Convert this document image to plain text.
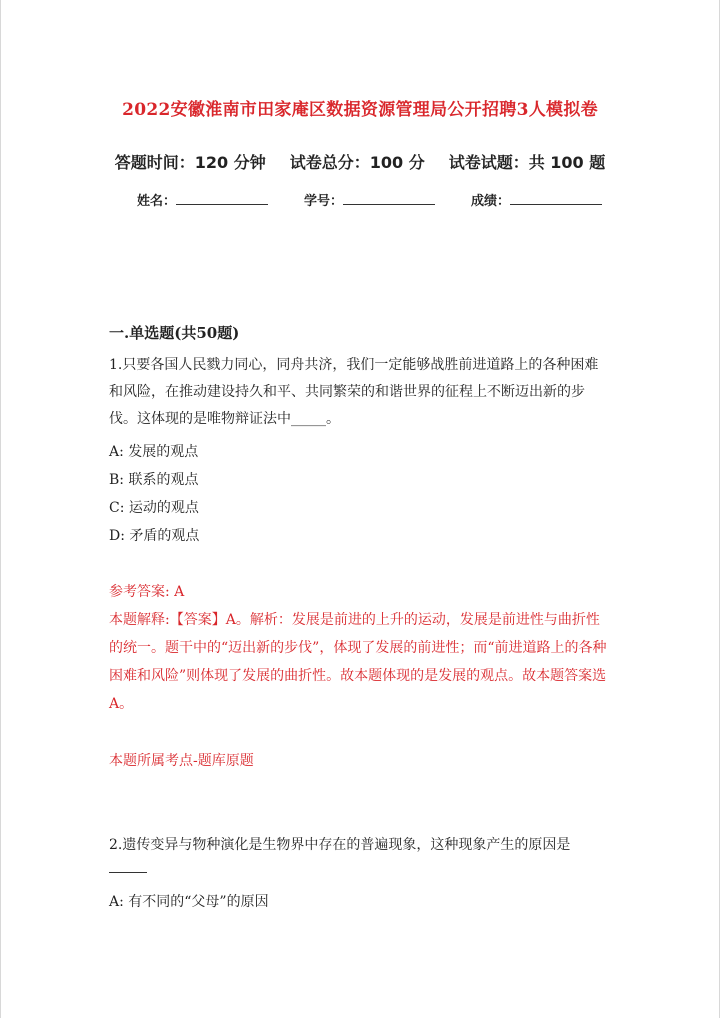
2022安徽淮南市田家庵区数据资源管理局公开招聘3人模拟卷
答题时间：120 分钟 试卷总分：100 分 试卷试题：共 100 题
姓名：	学号：	成绩：
一.单选题(共50题)
1.只要各国人民戮力同心，同舟共济，我们一定能够战胜前进道路上的各种困难和风险，在推动建设持久和平、共同繁荣的和谐世界的征程上不断迈出新的步伐。这体现的是唯物辩证法中_____。
A: 发展的观点
B: 联系的观点
C: 运动的观点
D: 矛盾的观点
参考答案: A
本题解释:【答案】A。解析：发展是前进的上升的运动，发展是前进性与曲折性的统一。题干中的“迈出新的步伐”，体现了发展的前进性；而“前进道路上的各种困难和风险”则体现了发展的曲折性。故本题体现的是发展的观点。故本题答案选 A。
本题所属考点-题库原题
2.遗传变异与物种演化是生物界中存在的普遍现象，这种现象产生的原因是
A: 有不同的“父母”的原因
